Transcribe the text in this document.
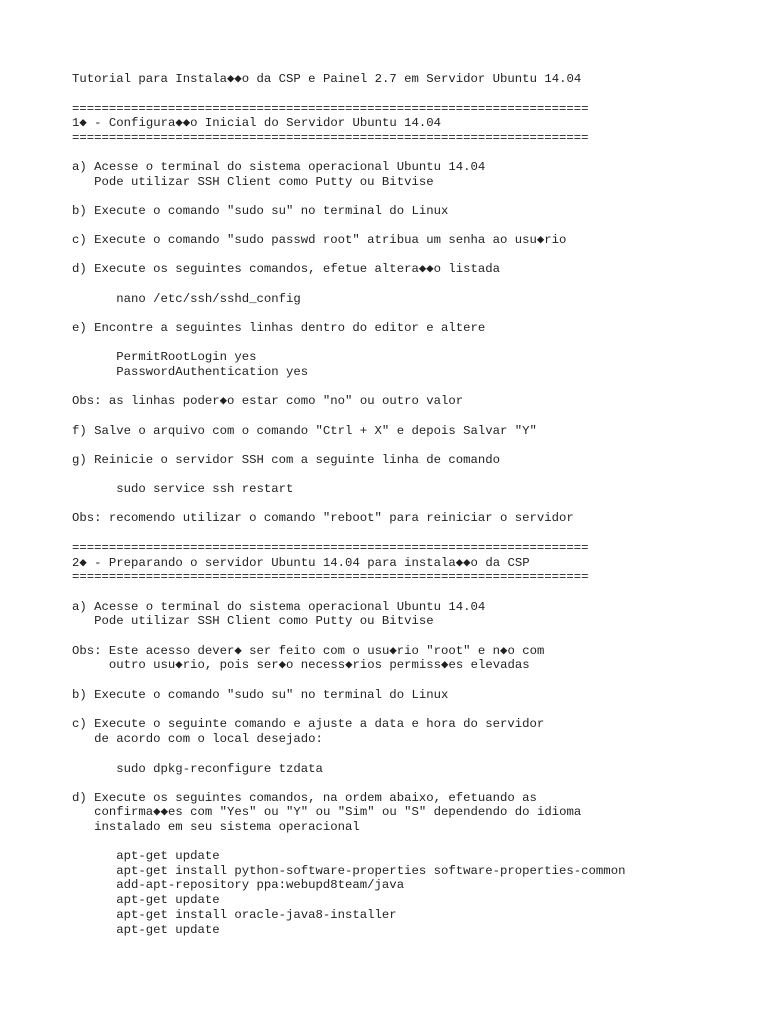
Tutorial para Instala◆◆o da CSP e Painel 2.7 em Servidor Ubuntu 14.04
======================================================================
1◆ - Configura◆◆o Inicial do Servidor Ubuntu 14.04
======================================================================
a) Acesse o terminal do sistema operacional Ubuntu 14.04
Pode utilizar SSH Client como Putty ou Bitvise
b) Execute o comando "sudo su" no terminal do Linux
c) Execute o comando "sudo passwd root" atribua um senha ao usu◆rio
d) Execute os seguintes comandos, efetue altera◆◆o listada
nano /etc/ssh/sshd_config
e) Encontre a seguintes linhas dentro do editor e altere
PermitRootLogin yes
PasswordAuthentication yes
Obs: as linhas poder◆o estar como "no" ou outro valor
f) Salve o arquivo com o comando "Ctrl + X" e depois Salvar "Y"
g) Reinicie o servidor SSH com a seguinte linha de comando
sudo service ssh restart
Obs: recomendo utilizar o comando "reboot" para reiniciar o servidor
======================================================================
2◆ - Preparando o servidor Ubuntu 14.04 para instala◆◆o da CSP
======================================================================
a) Acesse o terminal do sistema operacional Ubuntu 14.04
Pode utilizar SSH Client como Putty ou Bitvise
Obs: Este acesso dever◆ ser feito com o usu◆rio "root" e n◆o com
outro usu◆rio, pois ser◆o necess◆rios permiss◆es elevadas
b) Execute o comando "sudo su" no terminal do Linux
c) Execute o seguinte comando e ajuste a data e hora do servidor
de acordo com o local desejado:
sudo dpkg-reconfigure tzdata
d) Execute os seguintes comandos, na ordem abaixo, efetuando as
confirma◆◆es com "Yes" ou "Y" ou "Sim" ou "S" dependendo do idioma
instalado em seu sistema operacional
apt-get update
apt-get install python-software-properties software-properties-common
add-apt-repository ppa:webupd8team/java
apt-get update
apt-get install oracle-java8-installer
apt-get update
